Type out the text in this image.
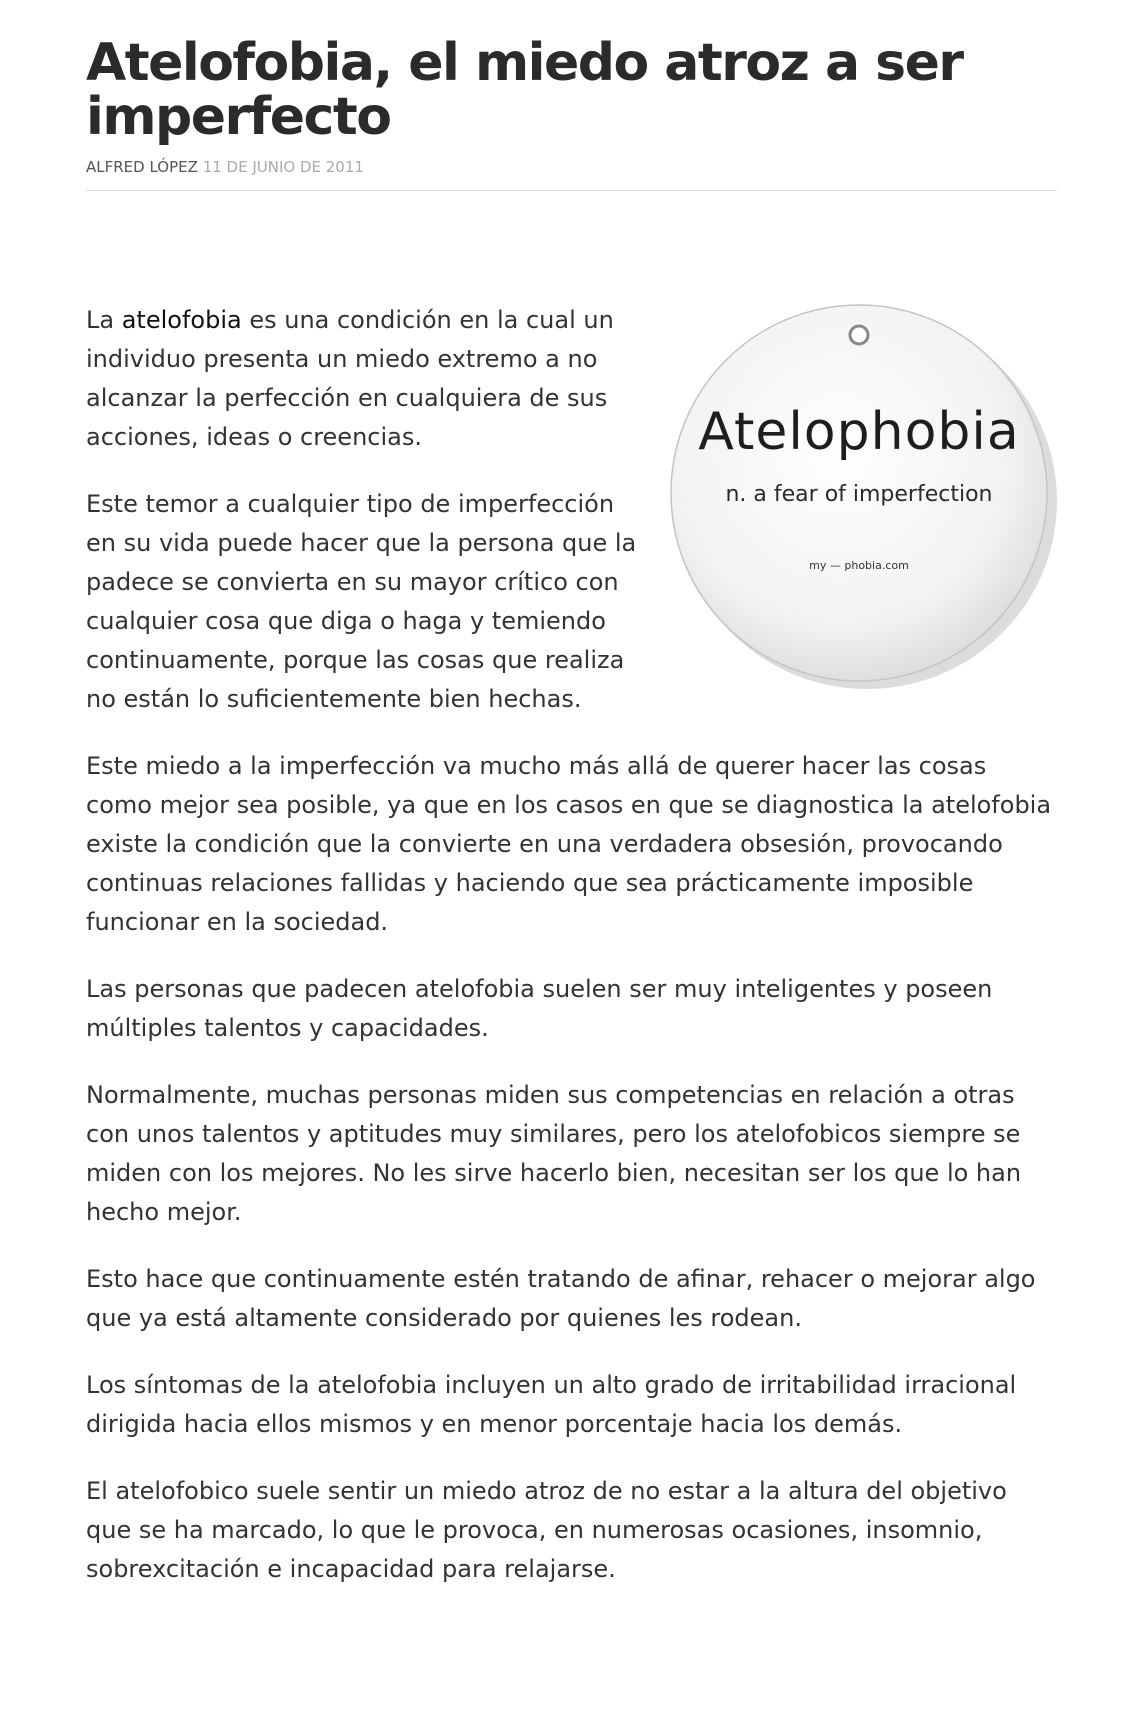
Atelofobia, el miedo atroz a ser imperfecto
ALFRED LÓPEZ 11 DE JUNIO DE 2011
Atelophobia
n. a fear of imperfection
my — phobia.com

La atelofobia es una condición en la cual un individuo presenta un miedo extremo a no alcanzar la perfección en cualquiera de sus acciones, ideas o creencias.

Este temor a cualquier tipo de imperfección en su vida puede hacer que la persona que la padece se convierta en su mayor crítico con cualquier cosa que diga o haga y temiendo continuamente, porque las cosas que realiza no están lo suficientemente bien hechas.

Este miedo a la imperfección va mucho más allá de querer hacer las cosas como mejor sea posible, ya que en los casos en que se diagnostica la atelofobia existe la condición que la convierte en una verdadera obsesión, provocando continuas relaciones fallidas y haciendo que sea prácticamente imposible funcionar en la sociedad.

Las personas que padecen atelofobia suelen ser muy inteligentes y poseen múltiples talentos y capacidades.

Normalmente, muchas personas miden sus competencias en relación a otras con unos talentos y aptitudes muy similares, pero los atelofobicos siempre se miden con los mejores. No les sirve hacerlo bien, necesitan ser los que lo han hecho mejor.

Esto hace que continuamente estén tratando de afinar, rehacer o mejorar algo que ya está altamente considerado por quienes les rodean.

Los síntomas de la atelofobia incluyen un alto grado de irritabilidad irracional dirigida hacia ellos mismos y en menor porcentaje hacia los demás.

El atelofobico suele sentir un miedo atroz de no estar a la altura del objetivo que se ha marcado, lo que le provoca, en numerosas ocasiones, insomnio, sobrexcitación e incapacidad para relajarse.
